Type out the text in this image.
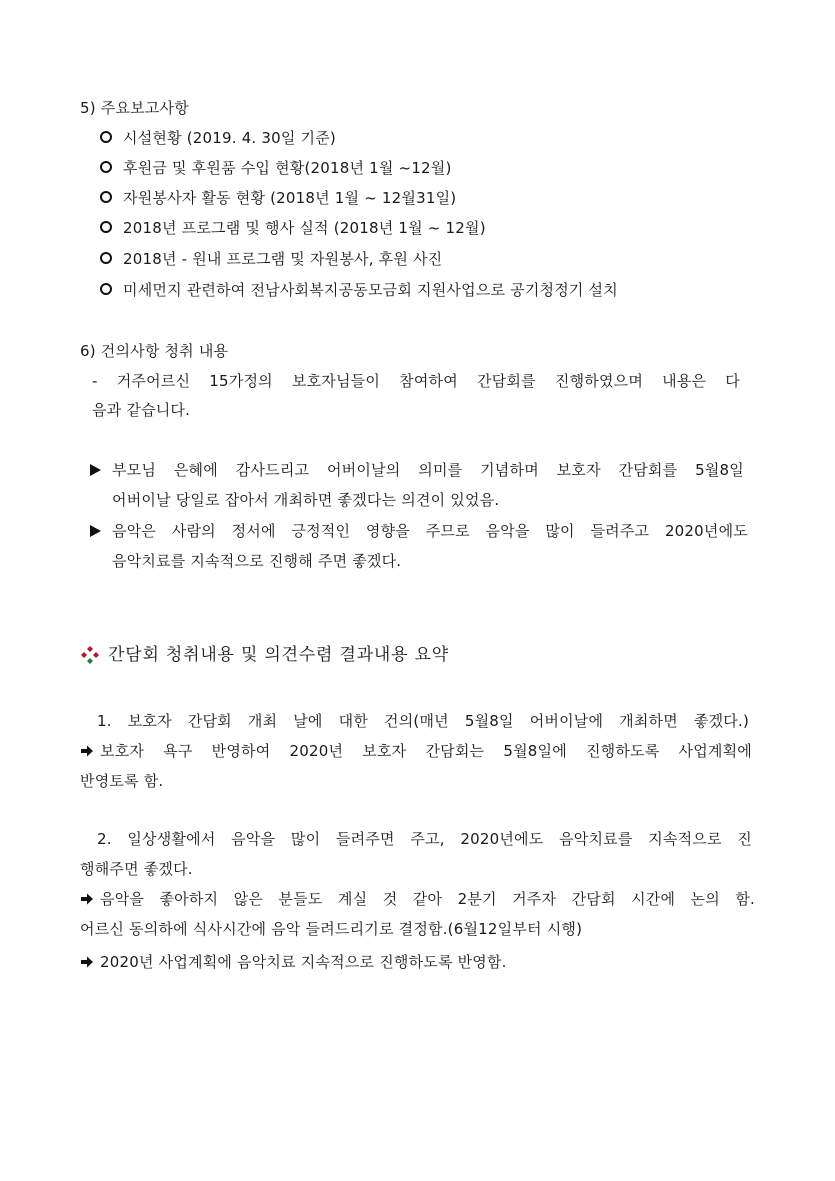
5) 주요보고사항
시설현황 (2019. 4. 30일 기준)
후원금 및 후원품 수입 현황(2018년 1월 ~12월)
자원봉사자 활동 현황 (2018년 1월 ~ 12월31일)
2018년 프로그램 및 행사 실적 (2018년 1월 ~ 12월)
2018년 - 원내 프로그램 및 자원봉사, 후원 사진
미세먼지 관련하여 전남사회복지공동모금회 지원사업으로 공기청정기 설치
6) 건의사항 청취 내용
- 거주어르신 15가정의 보호자님들이 참여하여 간담회를 진행하였으며 내용은 다
음과 같습니다.
부모님 은혜에 감사드리고 어버이날의 의미를 기념하며 보호자 간담회를 5월8일
어버이날 당일로 잡아서 개최하면 좋겠다는 의견이 있었음.
음악은 사람의 정서에 긍정적인 영향을 주므로 음악을 많이 들려주고 2020년에도
음악치료를 지속적으로 진행해 주면 좋겠다.
간담회 청취내용 및 의견수렴 결과내용 요약
1. 보호자 간담회 개최 날에 대한 건의(매년 5월8일 어버이날에 개최하면 좋겠다.)
보호자 욕구 반영하여 2020년 보호자 간담회는 5월8일에 진행하도록 사업계획에
반영토록 함.
2. 일상생활에서 음악을 많이 들려주면 주고, 2020년에도 음악치료를 지속적으로 진
행해주면 좋겠다.
음악을 좋아하지 않은 분들도 계실 것 같아 2분기 거주자 간담회 시간에 논의 함.
어르신 동의하에 식사시간에 음악 들려드리기로 결정함.(6월12일부터 시행)
2020년 사업계획에 음악치료 지속적으로 진행하도록 반영함.
